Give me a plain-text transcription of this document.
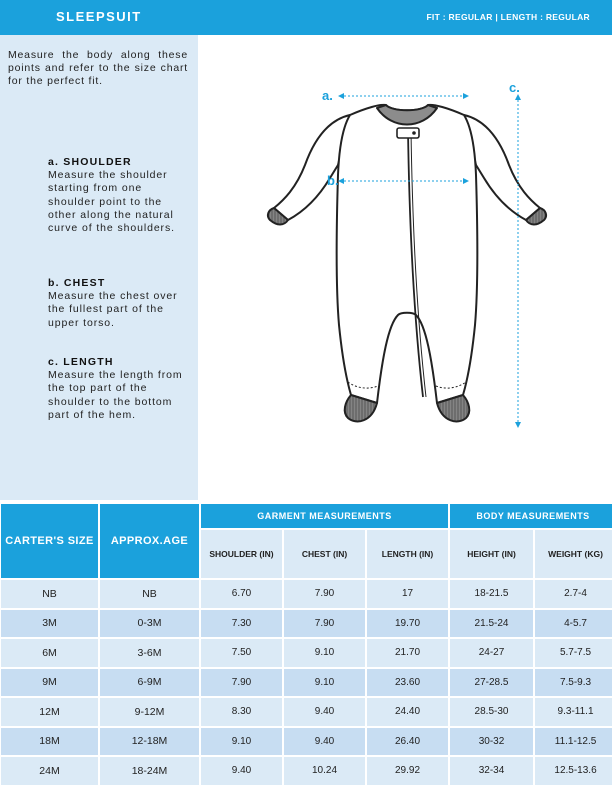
SLEEPSUIT	FIT : REGULAR | LENGTH : REGULAR

Measure the body along these points and refer to the size chart for the perfect fit.

a. SHOULDER
Measure the shoulder starting from one shoulder point to the other along the natural curve of the shoulders.
b. CHEST
Measure the chest over the fullest part of the upper torso.
c. LENGTH
Measure the length from the top part of the shoulder to the bottom part of the hem.
a.
b.
c.
CARTER'S SIZE	APPROX.AGE	GARMENT MEASUREMENTS			BODY MEASUREMENTS	
		SHOULDER (IN)	CHEST (IN)	LENGTH (IN)	HEIGHT (IN)	WEIGHT (KG)
NB	NB	6.70	7.90	17	18-21.5	2.7-4
3M	0-3M	7.30	7.90	19.70	21.5-24	4-5.7
6M	3-6M	7.50	9.10	21.70	24-27	5.7-7.5
9M	6-9M	7.90	9.10	23.60	27-28.5	7.5-9.3
12M	9-12M	8.30	9.40	24.40	28.5-30	9.3-11.1
18M	12-18M	9.10	9.40	26.40	30-32	11.1-12.5
24M	18-24M	9.40	10.24	29.92	32-34	12.5-13.6
